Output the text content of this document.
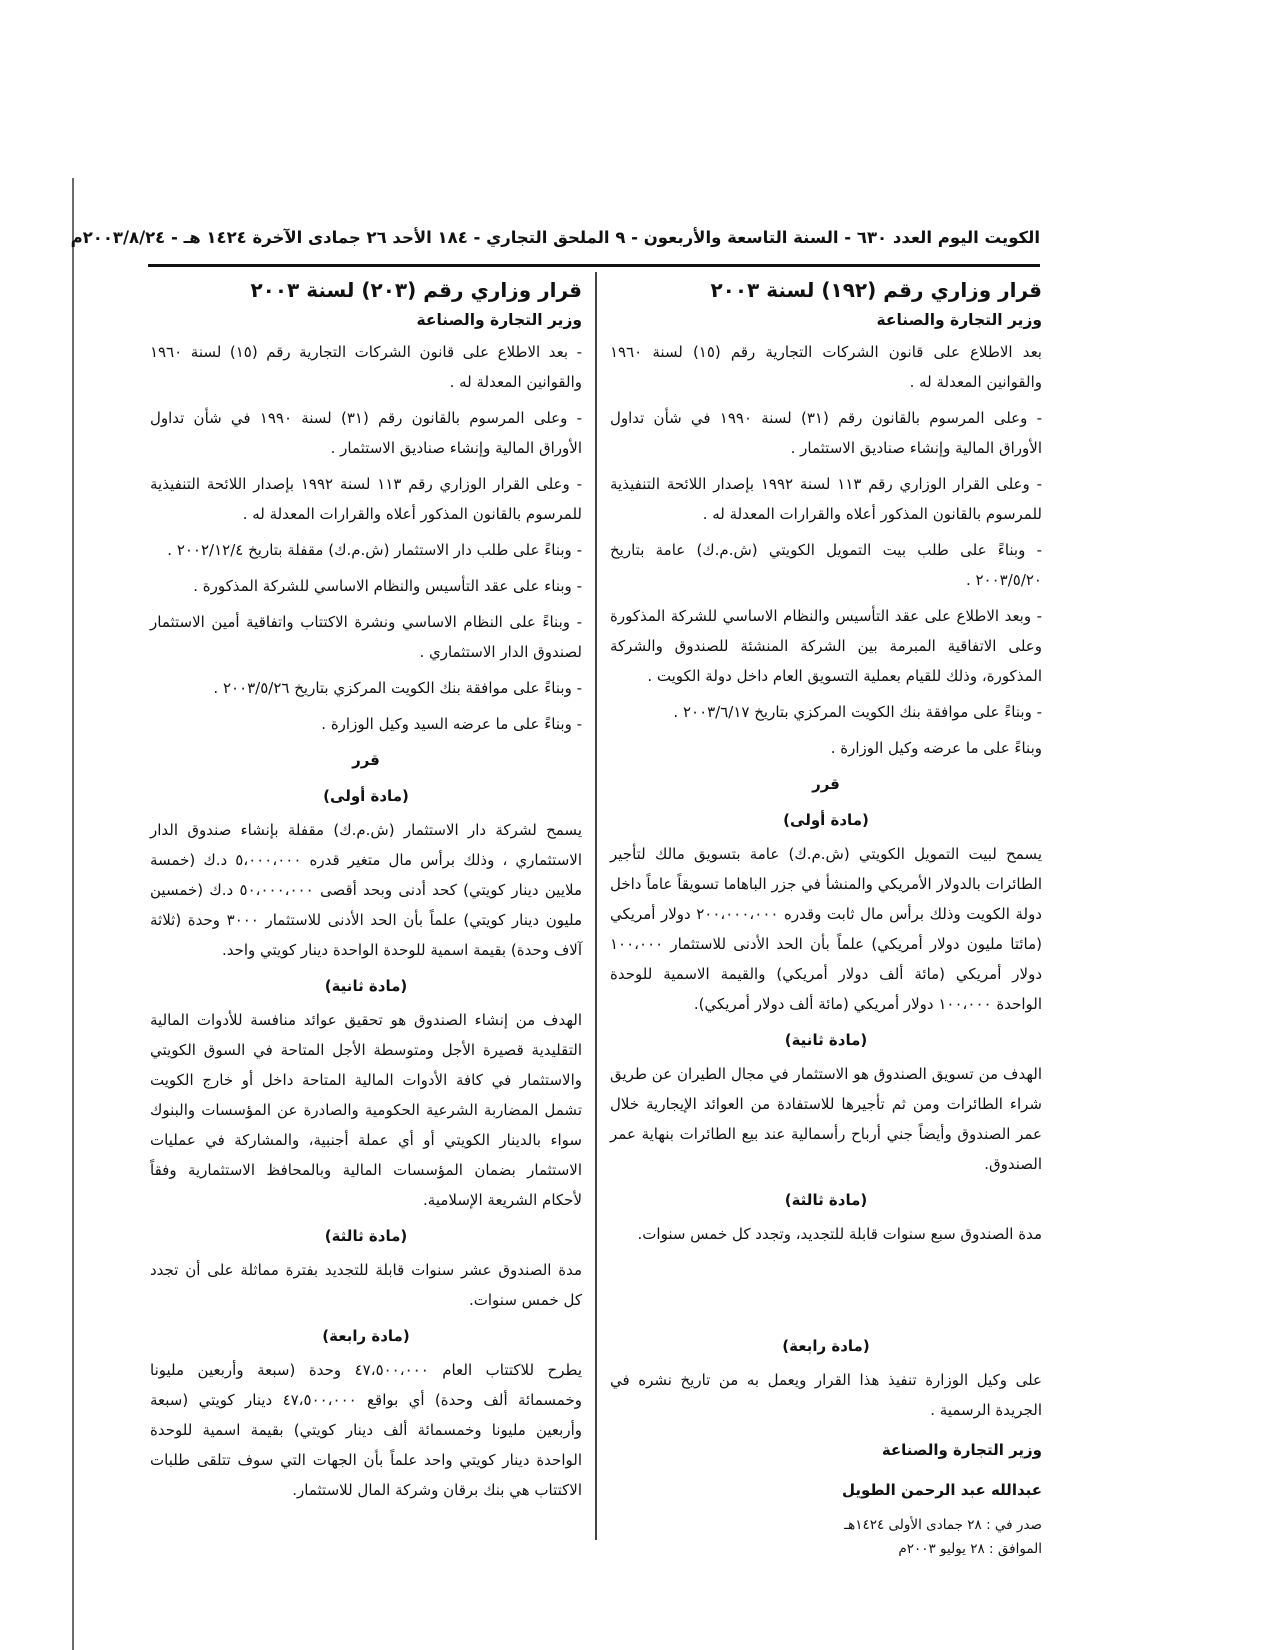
الكويت اليوم العدد ٦٣٠ - السنة التاسعة والأربعون - ٩ الملحق التجاري - ١٨٤ الأحد ٢٦ جمادى الآخرة ١٤٢٤ هـ - ٢٠٠٣/٨/٢٤م
قرار وزاري رقم (١٩٢) لسنة ٢٠٠٣
وزير التجارة والصناعة

بعد الاطلاع على قانون الشركات التجارية رقم (١٥) لسنة ١٩٦٠ والقوانين المعدلة له .

- وعلى المرسوم بالقانون رقم (٣١) لسنة ١٩٩٠ في شأن تداول الأوراق المالية وإنشاء صناديق الاستثمار .

- وعلى القرار الوزاري رقم ١١٣ لسنة ١٩٩٢ بإصدار اللائحة التنفيذية للمرسوم بالقانون المذكور أعلاه والقرارات المعدلة له .

- وبناءً على طلب بيت التمويل الكويتي (ش.م.ك) عامة بتاريخ ٢٠٠٣/٥/٢٠ .

- وبعد الاطلاع على عقد التأسيس والنظام الاساسي للشركة المذكورة وعلى الاتفاقية المبرمة بين الشركة المنشئة للصندوق والشركة المذكورة، وذلك للقيام بعملية التسويق العام داخل دولة الكويت .

- وبناءً على موافقة بنك الكويت المركزي بتاريخ ٢٠٠٣/٦/١٧ .

وبناءً على ما عرضه وكيل الوزارة .

قرر
(مادة أولى)

يسمح لبيت التمويل الكويتي (ش.م.ك) عامة بتسويق مالك لتأجير الطائرات بالدولار الأمريكي والمنشأ في جزر الباهاما تسويقاً عاماً داخل دولة الكويت وذلك برأس مال ثابت وقدره ٢٠٠،٠٠٠،٠٠٠ دولار أمريكي (مائتا مليون دولار أمريكي) علماً بأن الحد الأدنى للاستثمار ١٠٠،٠٠٠ دولار أمريكي (مائة ألف دولار أمريكي) والقيمة الاسمية للوحدة الواحدة ١٠٠،٠٠٠ دولار أمريكي (مائة ألف دولار أمريكي).

(مادة ثانية)

الهدف من تسويق الصندوق هو الاستثمار في مجال الطيران عن طريق شراء الطائرات ومن ثم تأجيرها للاستفادة من العوائد الإيجارية خلال عمر الصندوق وأيضاً جني أرباح رأسمالية عند بيع الطائرات بنهاية عمر الصندوق.

(مادة ثالثة)

مدة الصندوق سبع سنوات قابلة للتجديد، وتجدد كل خمس سنوات.

(مادة رابعة)

على وكيل الوزارة تنفيذ هذا القرار ويعمل به من تاريخ نشره في الجريدة الرسمية .

وزير التجارة والصناعة
عبدالله عبد الرحمن الطويل
صدر في : ٢٨ جمادى الأولى ١٤٢٤هـ
الموافق : ٢٨ يوليو ٢٠٠٣م
قرار وزاري رقم (٢٠٣) لسنة ٢٠٠٣
وزير التجارة والصناعة

- بعد الاطلاع على قانون الشركات التجارية رقم (١٥) لسنة ١٩٦٠ والقوانين المعدلة له .

- وعلى المرسوم بالقانون رقم (٣١) لسنة ١٩٩٠ في شأن تداول الأوراق المالية وإنشاء صناديق الاستثمار .

- وعلى القرار الوزاري رقم ١١٣ لسنة ١٩٩٢ بإصدار اللائحة التنفيذية للمرسوم بالقانون المذكور أعلاه والقرارات المعدلة له .

- وبناءً على طلب دار الاستثمار (ش.م.ك) مقفلة بتاريخ ٢٠٠٢/١٢/٤ .

- وبناء على عقد التأسيس والنظام الاساسي للشركة المذكورة .

- وبناءً على النظام الاساسي ونشرة الاكتتاب واتفاقية أمين الاستثمار لصندوق الدار الاستثماري .

- وبناءً على موافقة بنك الكويت المركزي بتاريخ ٢٠٠٣/٥/٢٦ .

- وبناءً على ما عرضه السيد وكيل الوزارة .

قرر
(مادة أولى)

يسمح لشركة دار الاستثمار (ش.م.ك) مقفلة بإنشاء صندوق الدار الاستثماري ، وذلك برأس مال متغير قدره ٥،٠٠٠،٠٠٠ د.ك (خمسة ملايين دينار كويتي) كحد أدنى وبحد أقصى ٥٠،٠٠٠،٠٠٠ د.ك (خمسين مليون دينار كويتي) علماً بأن الحد الأدنى للاستثمار ٣٠٠٠ وحدة (ثلاثة آلاف وحدة) بقيمة اسمية للوحدة الواحدة دينار كويتي واحد.

(مادة ثانية)

الهدف من إنشاء الصندوق هو تحقيق عوائد منافسة للأدوات المالية التقليدية قصيرة الأجل ومتوسطة الأجل المتاحة في السوق الكويتي والاستثمار في كافة الأدوات المالية المتاحة داخل أو خارج الكويت تشمل المضاربة الشرعية الحكومية والصادرة عن المؤسسات والبنوك سواء بالدينار الكويتي أو أي عملة أجنبية، والمشاركة في عمليات الاستثمار بضمان المؤسسات المالية وبالمحافظ الاستثمارية وفقاً لأحكام الشريعة الإسلامية.

(مادة ثالثة)

مدة الصندوق عشر سنوات قابلة للتجديد بفترة مماثلة على أن تجدد كل خمس سنوات.

(مادة رابعة)

يطرح للاكتتاب العام ٤٧،٥٠٠،٠٠٠ وحدة (سبعة وأربعين مليونا وخمسمائة ألف وحدة) أي بواقع ٤٧،٥٠٠،٠٠٠ دينار كويتي (سبعة وأربعين مليونا وخمسمائة ألف دينار كويتي) بقيمة اسمية للوحدة الواحدة دينار كويتي واحد علماً بأن الجهات التي سوف تتلقى طلبات الاكتتاب هي بنك برقان وشركة المال للاستثمار.
